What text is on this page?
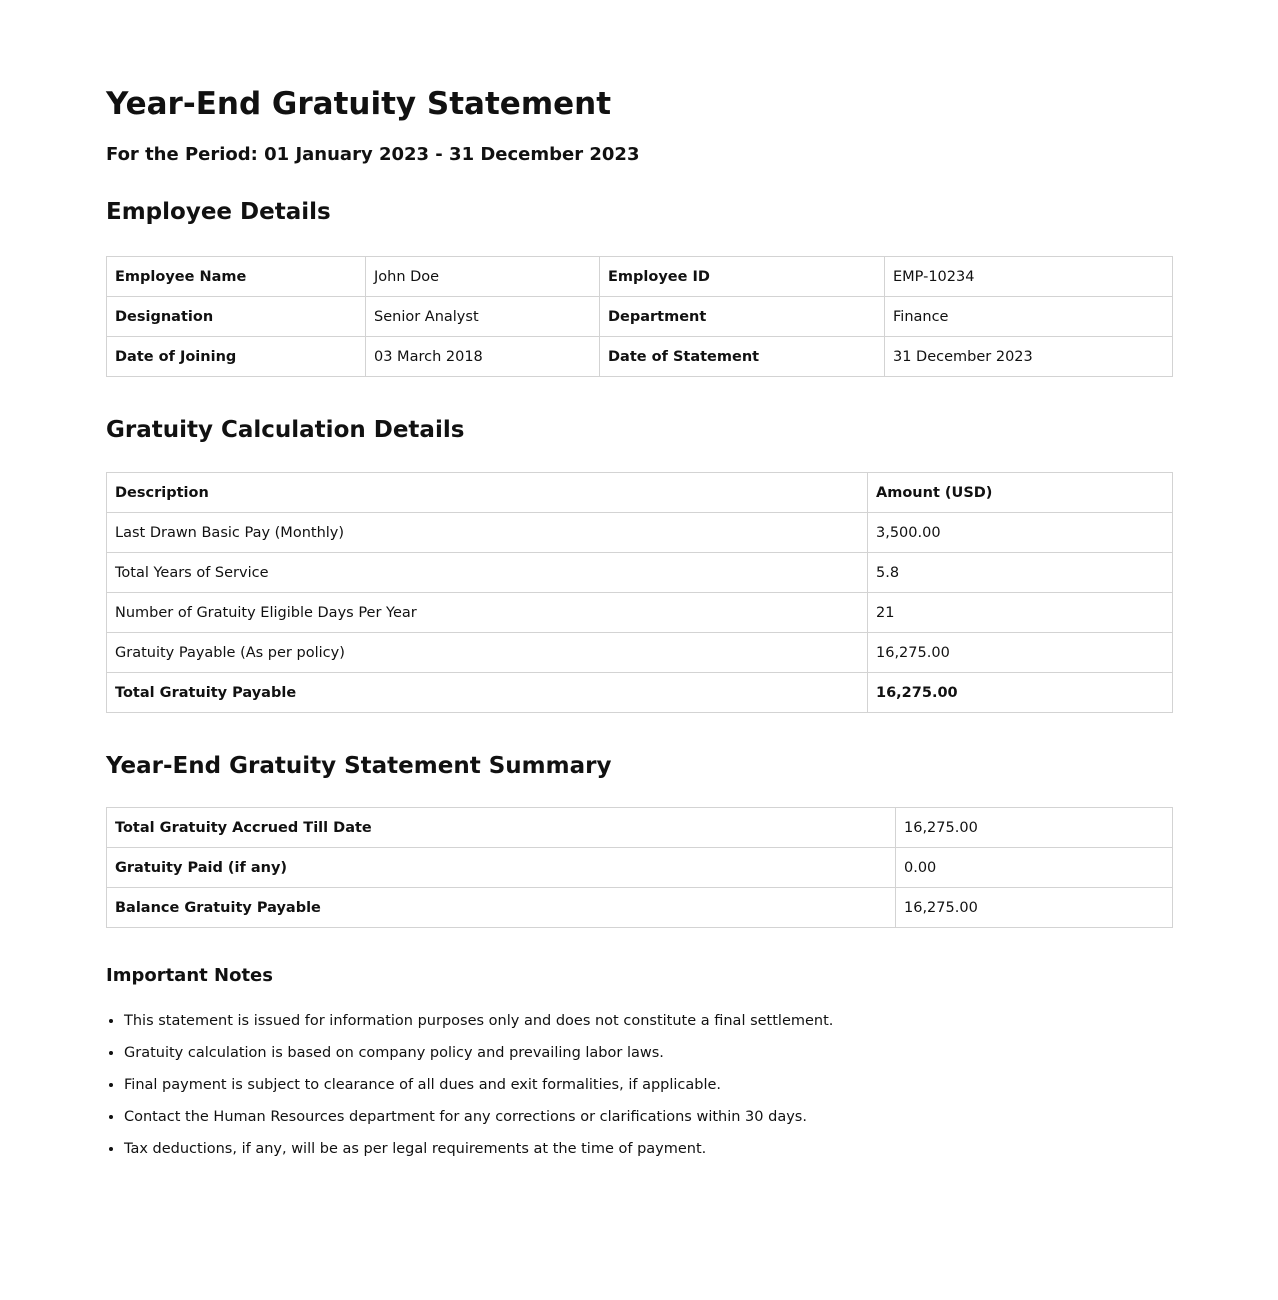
Year-End Gratuity Statement
For the Period: 01 January 2023 - 31 December 2023
Employee Details
Employee Name	John Doe	Employee ID	EMP-10234
Designation	Senior Analyst	Department	Finance
Date of Joining	03 March 2018	Date of Statement	31 December 2023
Gratuity Calculation Details
Description	Amount (USD)
Last Drawn Basic Pay (Monthly)	3,500.00
Total Years of Service	5.8
Number of Gratuity Eligible Days Per Year	21
Gratuity Payable (As per policy)	16,275.00
Total Gratuity Payable	16,275.00
Year-End Gratuity Statement Summary
Total Gratuity Accrued Till Date	16,275.00
Gratuity Paid (if any)	0.00
Balance Gratuity Payable	16,275.00
Important Notes
• This statement is issued for information purposes only and does not constitute a final settlement.
• Gratuity calculation is based on company policy and prevailing labor laws.
• Final payment is subject to clearance of all dues and exit formalities, if applicable.
• Contact the Human Resources department for any corrections or clarifications within 30 days.
• Tax deductions, if any, will be as per legal requirements at the time of payment.
